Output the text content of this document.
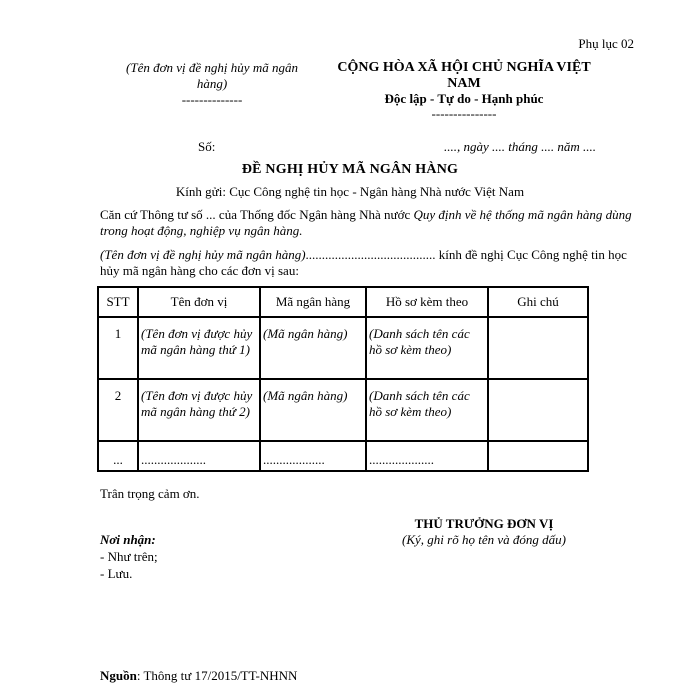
Phụ lục 02
(Tên đơn vị đề nghị hủy mã ngân hàng)
--------------
CỘNG HÒA XÃ HỘI CHỦ NGHĨA VIỆT NAM
Độc lập - Tự do - Hạnh phúc
---------------
Số:	...., ngày .... tháng .... năm ....
ĐỀ NGHỊ HỦY MÃ NGÂN HÀNG
Kính gửi: Cục Công nghệ tin học - Ngân hàng Nhà nước Việt Nam
Căn cứ Thông tư số ... của Thống đốc Ngân hàng Nhà nước Quy định về hệ thống mã ngân hàng dùng trong hoạt động, nghiệp vụ ngân hàng.
(Tên đơn vị đề nghị hủy mã ngân hàng)........................................ kính đề nghị Cục Công nghệ tin học hủy mã ngân hàng cho các đơn vị sau:
STT	Tên đơn vị	Mã ngân hàng	Hồ sơ kèm theo	Ghi chú
1	(Tên đơn vị được hủy mã ngân hàng thứ 1)	(Mã ngân hàng)	(Danh sách tên các hồ sơ kèm theo)	
2	(Tên đơn vị được hủy mã ngân hàng thứ 2)	(Mã ngân hàng)	(Danh sách tên các hồ sơ kèm theo)	
...	....................	...................	....................	
Trân trọng cảm ơn.
THỦ TRƯỞNG ĐƠN VỊ
(Ký, ghi rõ họ tên và đóng dấu)
Nơi nhận:
- Như trên;
- Lưu.
Nguồn: Thông tư 17/2015/TT-NHNN
